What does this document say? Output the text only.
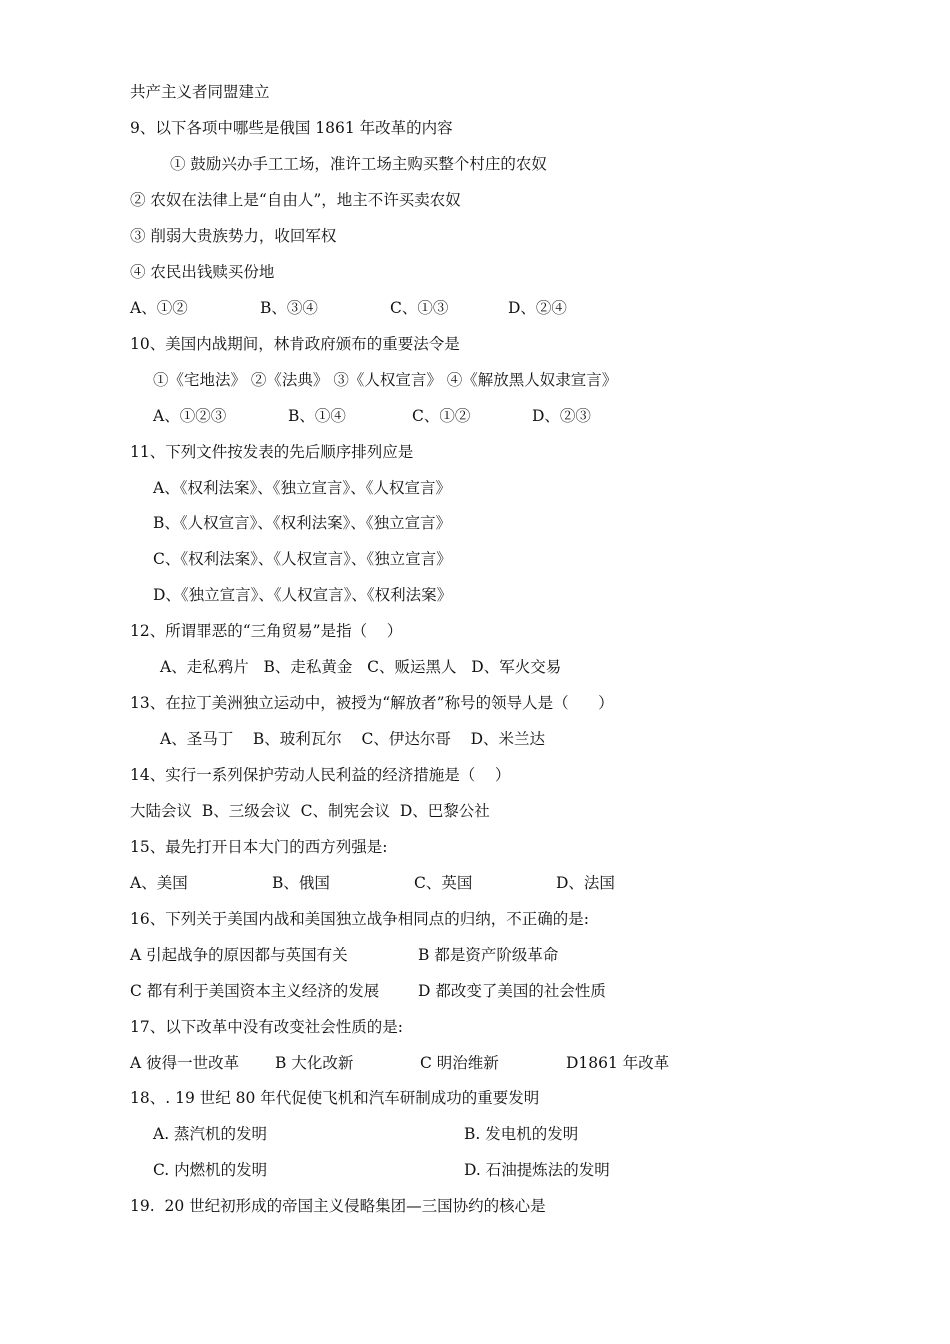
共产主义者同盟建立
9、以下各项中哪些是俄国 1861 年改革的内容
① 鼓励兴办手工工场，准许工场主购买整个村庄的农奴
② 农奴在法律上是“自由人”，地主不许买卖农奴
③ 削弱大贵族势力，收回军权
④ 农民出钱赎买份地
A、①②	B、③④	C、①③	D、②④
10、美国内战期间，林肯政府颁布的重要法令是
①《宅地法》 ②《法典》 ③《人权宣言》 ④《解放黑人奴隶宣言》
A、①②③	B、①④	C、①②	D、②③
11、下列文件按发表的先后顺序排列应是
A、《权利法案》、《独立宣言》、《人权宣言》
B、《人权宣言》、《权利法案》、《独立宣言》
C、《权利法案》、《人权宣言》、《独立宣言》
D、《独立宣言》、《人权宣言》、《权利法案》
12、所谓罪恶的“三角贸易”是指（    ）
A、走私鸦片   B、走私黄金   C、贩运黑人   D、军火交易
13、在拉丁美洲独立运动中，被授为“解放者”称号的领导人是（      ）
A、圣马丁    B、玻利瓦尔    C、伊达尔哥    D、米兰达
14、实行一系列保护劳动人民利益的经济措施是（    ）
大陆会议  B、三级会议  C、制宪会议  D、巴黎公社
15、最先打开日本大门的西方列强是:
A、美国	B、俄国	C、英国	D、法国
16、下列关于美国内战和美国独立战争相同点的归纳，不正确的是:
A 引起战争的原因都与英国有关	B 都是资产阶级革命
C 都有利于美国资本主义经济的发展 D 都改变了美国的社会性质
17、以下改革中没有改变社会性质的是:
A 彼得一世改革 B 大化改新	C 明治维新	D1861 年改革
18、. 19 世纪 80 年代促使飞机和汽车研制成功的重要发明
A. 蒸汽机的发明	B. 发电机的发明
C. 内燃机的发明	D. 石油提炼法的发明
19.  20 世纪初形成的帝国主义侵略集团—三国协约的核心是
